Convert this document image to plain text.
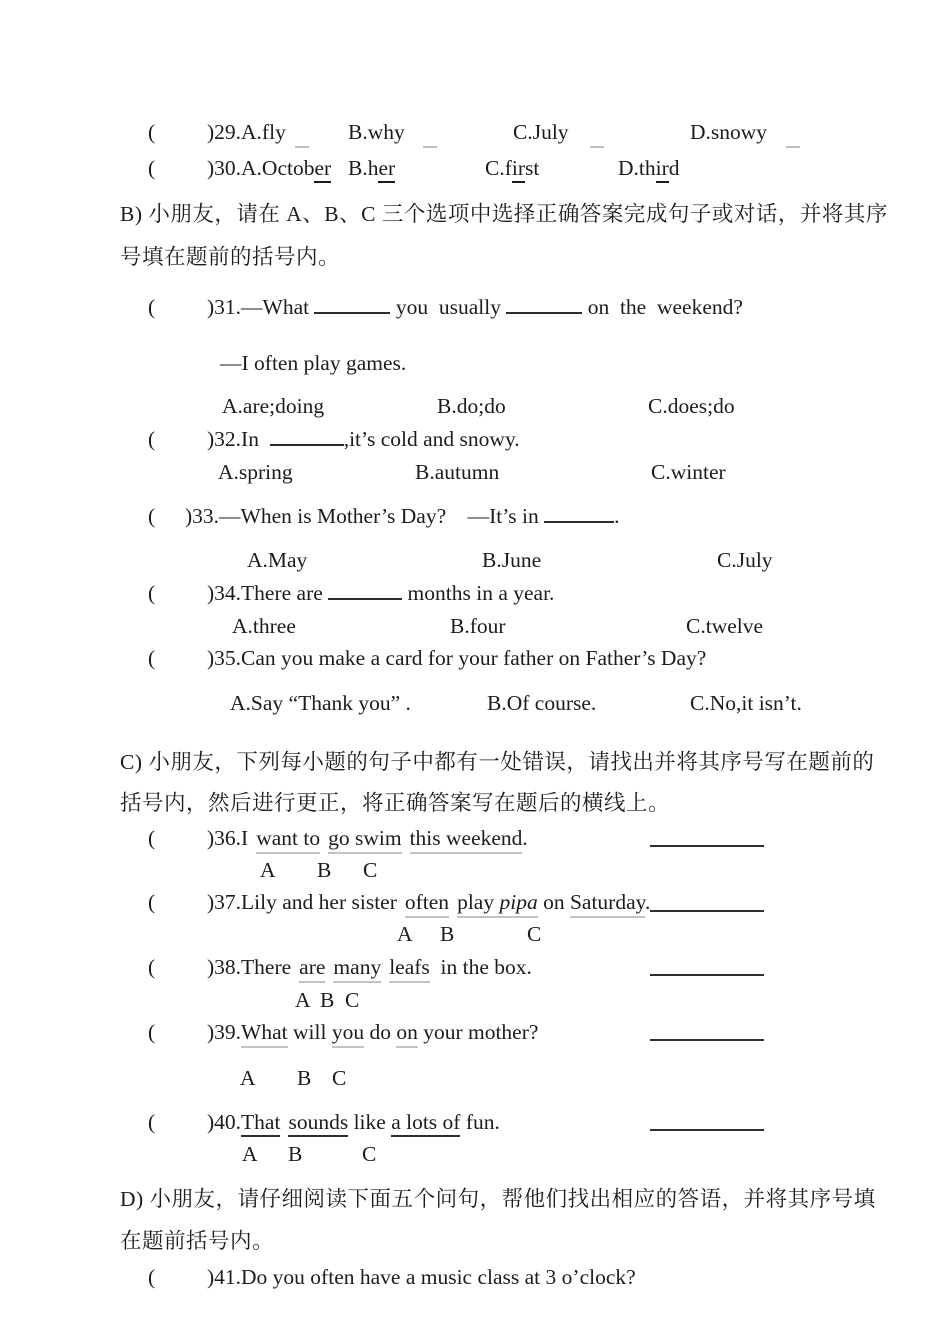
( )29.A.fly	B.why	C.July	D.snowy
( )30.A.October B.her	C.first	D.third
B) 小朋友，请在 A、B、C 三个选项中选择正确答案完成句子或对话，并将其序
号填在题前的括号内。
( )31.—What	you  usually	on  the  weekend?
—I often play games.
A.are;doing	B.do;do	C.does;do
( )32.In	,it’s cold and snowy.
A.spring	B.autumn	C.winter
( )33.—When is Mother’s Day?    —It’s in	.
A.May	B.June	C.July
( )34.There are	months in a year.
A.three	B.four	C.twelve
( )35.Can you make a card for your father on Father’s Day?
A.Say “Thank you” .	B.Of course.	C.No,it isn’t.
C) 小朋友，下列每小题的句子中都有一处错误，请找出并将其序号写在题前的
括号内，然后进行更正，将正确答案写在题后的横线上。
( )36.I want to go swim this weekend.
A B C
( )37.Lily and her sister often play pipa on Saturday.
A B	C
( )38.There are many leafs  in the box.
A B C
( )39.What will you do on your mother?
A B C
( )40.That sounds like a lots of fun.
A B	C
D) 小朋友，请仔细阅读下面五个问句，帮他们找出相应的答语，并将其序号填
在题前括号内。
( )41.Do you often have a music class at 3 o’clock?
